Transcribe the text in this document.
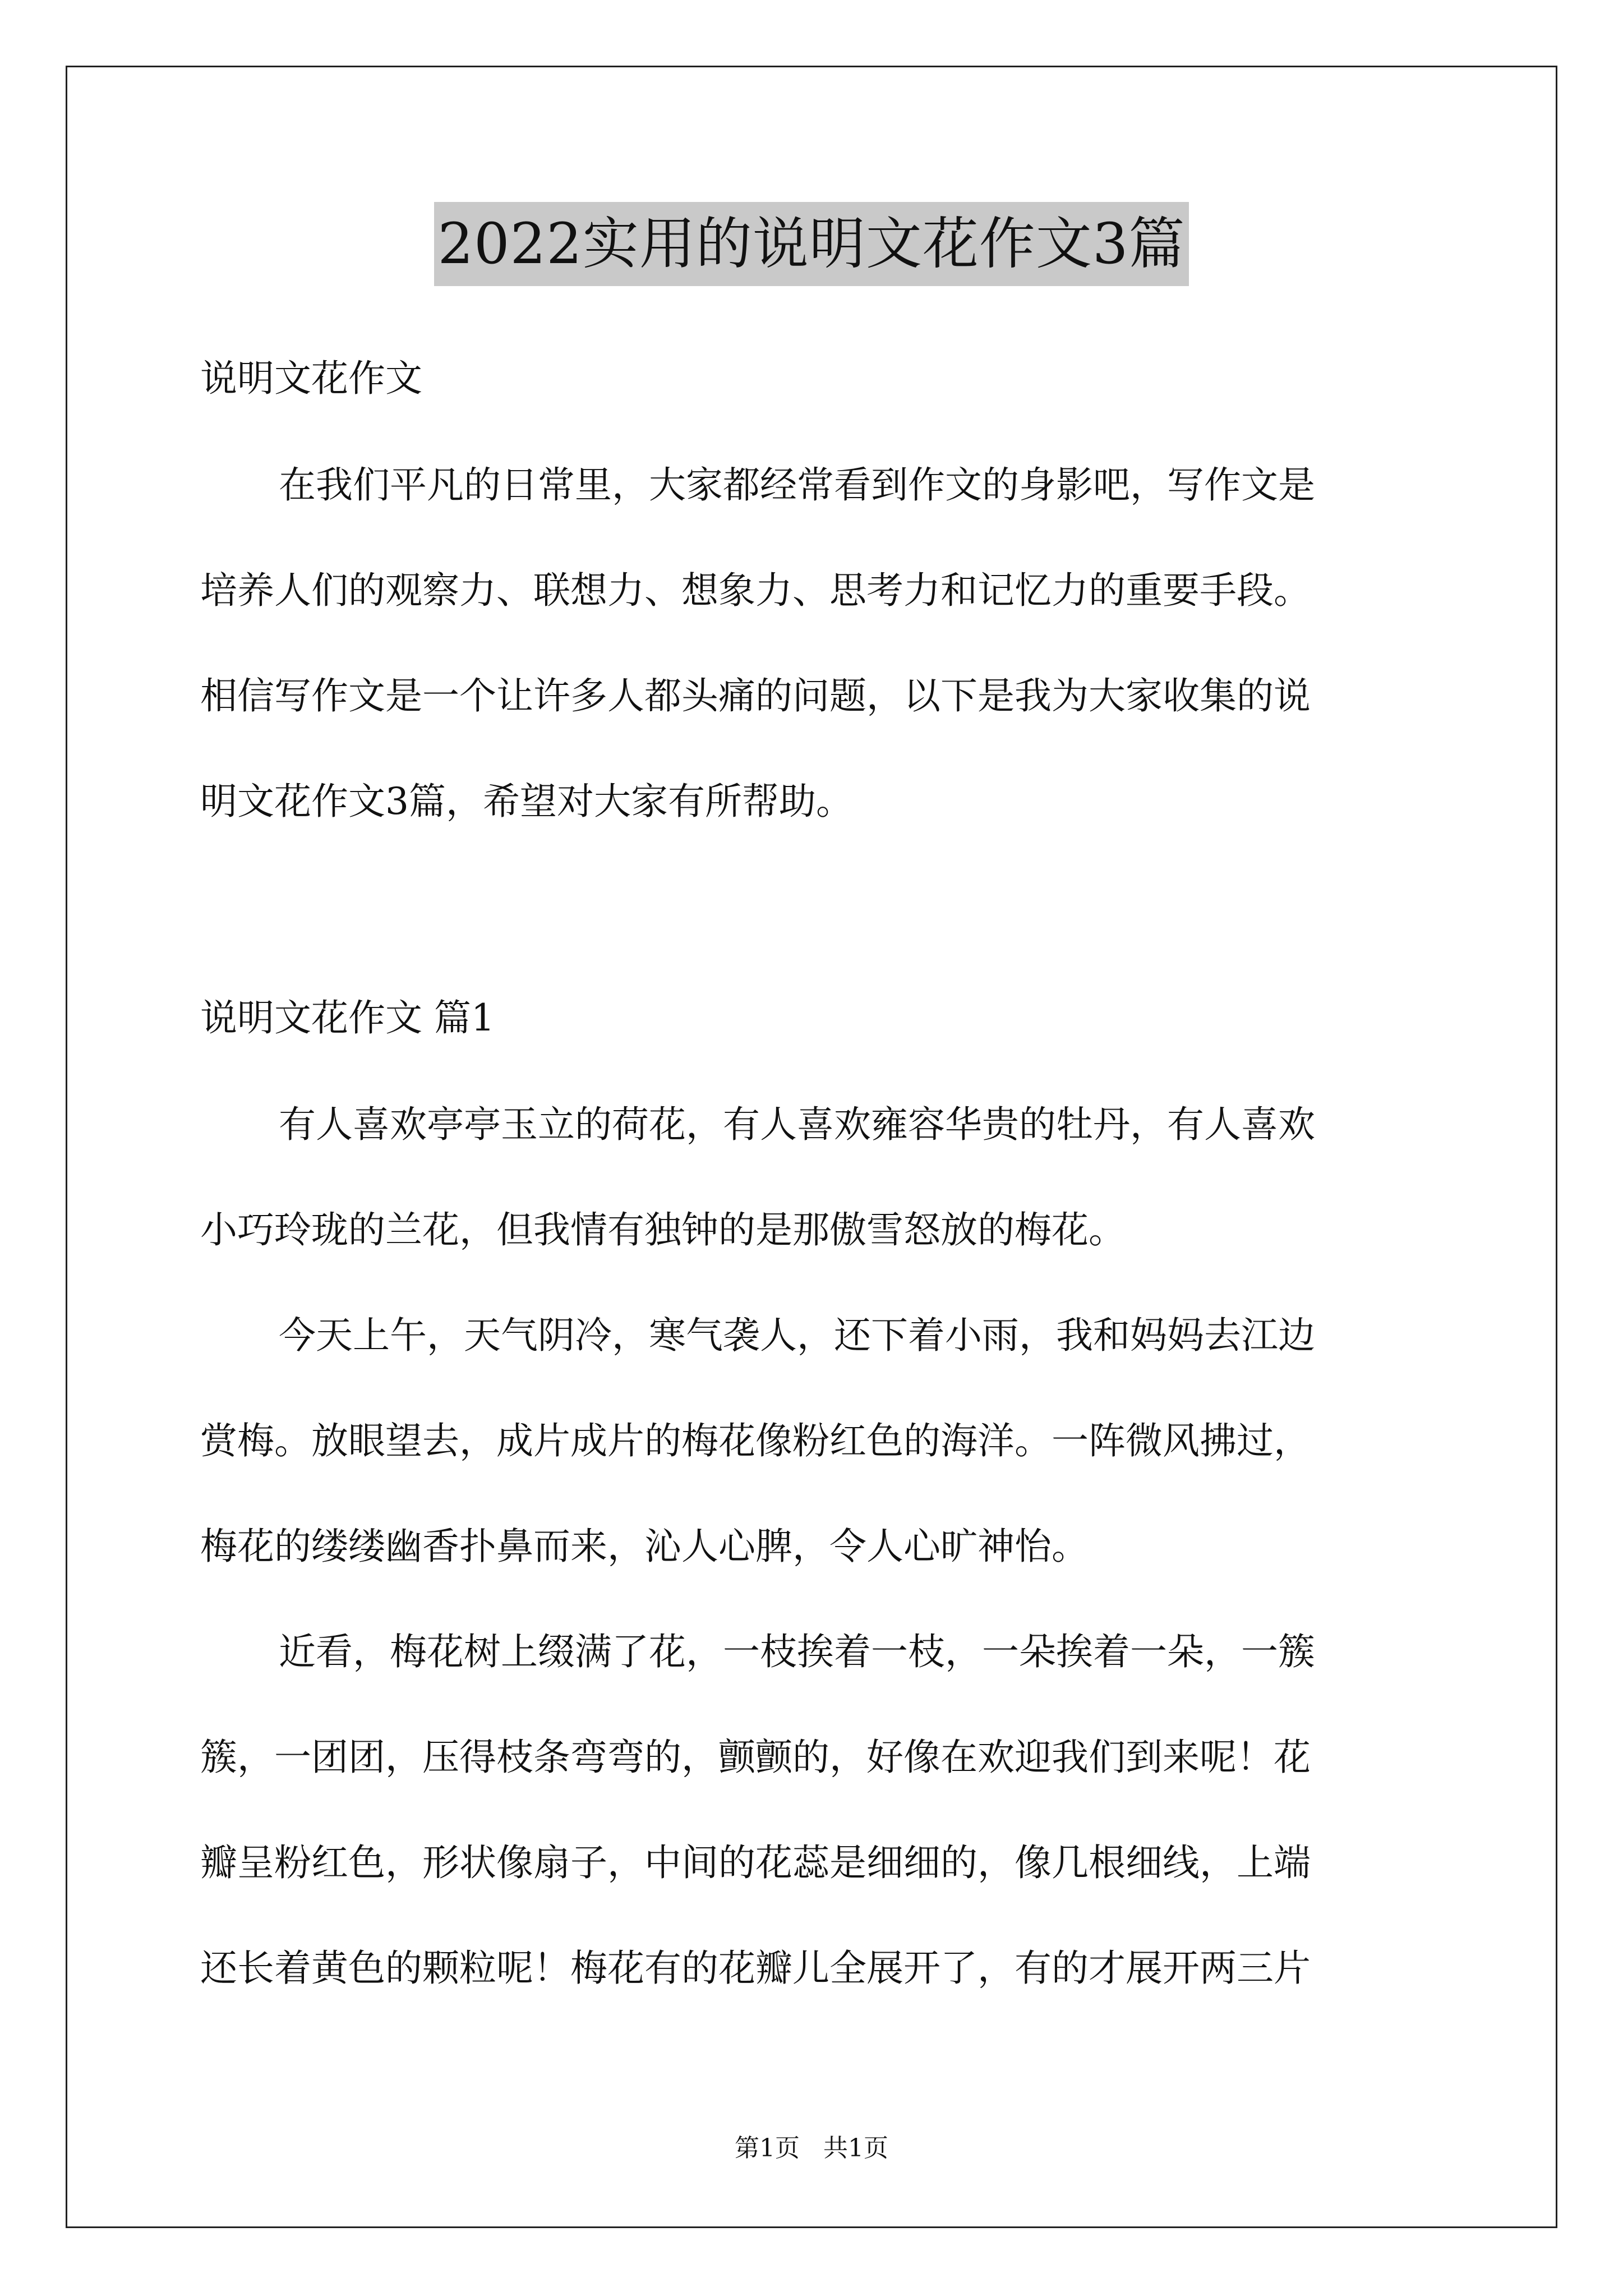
2022实用的说明文花作文3篇

说明文花作文

在我们平凡的日常里，大家都经常看到作文的身影吧，写作文是

培养人们的观察力、联想力、想象力、思考力和记忆力的重要手段。

相信写作文是一个让许多人都头痛的问题，以下是我为大家收集的说

明文花作文3篇，希望对大家有所帮助。

说明文花作文 篇1

有人喜欢亭亭玉立的荷花，有人喜欢雍容华贵的牡丹，有人喜欢

小巧玲珑的兰花，但我情有独钟的是那傲雪怒放的梅花。

今天上午，天气阴冷，寒气袭人，还下着小雨，我和妈妈去江边

赏梅。放眼望去，成片成片的梅花像粉红色的海洋。一阵微风拂过，

梅花的缕缕幽香扑鼻而来，沁人心脾，令人心旷神怡。

近看，梅花树上缀满了花，一枝挨着一枝，一朵挨着一朵，一簇

簇，一团团，压得枝条弯弯的，颤颤的，好像在欢迎我们到来呢！花

瓣呈粉红色，形状像扇子，中间的花蕊是细细的，像几根细线，上端

还长着黄色的颗粒呢！梅花有的花瓣儿全展开了，有的才展开两三片

第1页 共1页
